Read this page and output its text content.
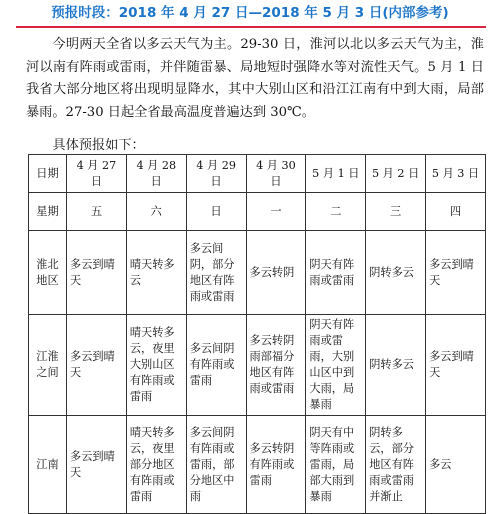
预报时段：2018 年 4 月 27 日—2018 年 5 月 3 日(内部参考)

今明两天全省以多云天气为主。29-30 日，淮河以北以多云天气为主，淮河以南有阵雨或雷雨，并伴随雷暴、局地短时强降水等对流性天气。5 月 1 日我省大部分地区将出现明显降水，其中大别山区和沿江江南有中到大雨，局部暴雨。27-30 日起全省最高温度普遍达到 30℃。

具体预报如下：

日期	4 月 27 日	4 月 28 日	4 月 29 日	4 月 30 日	5 月 1 日	5 月 2 日	5 月 3 日
星期	五	六	日	一	二	三	四
淮北地区	多云到晴天	晴天转多云	多云间阴，部分地区有阵雨或雷雨	多云转阴	阴天有阵雨或雷雨	阴转多云	多云到晴天
江淮之间	多云到晴天	晴天转多云，夜里大别山区有阵雨或雷雨	多云间阴有阵雨或雷雨	多云转阴雨部福分地区有阵雨或雷雨	阴天有阵雨或雷雨，大别山区中到大雨，局暴雨	阴转多云	多云到晴天
江南	多云到晴天	晴天转多云，夜里部分地区有阵雨或雷雨	多云间阴有阵雨或雷雨，部分地区中雨	多云转阴有阵雨或雷雨	阴天有中等阵雨或雷雨，局部大雨到暴雨	阴转多云，部分地区有阵雨或雷雨并渐止	多云
